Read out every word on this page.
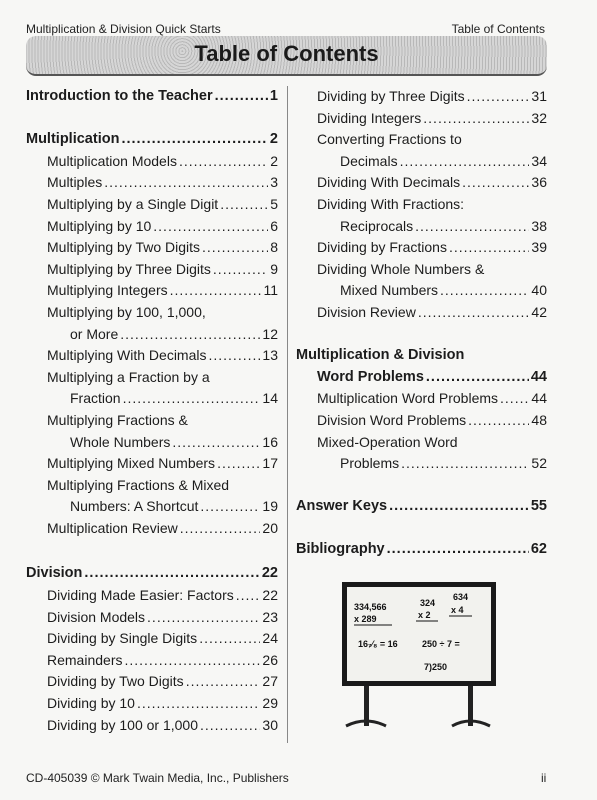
Multiplication & Division Quick Starts	Table of Contents
Table of Contents
Introduction to the Teacher .....	1
Multiplication .....	2
Multiplication Models .....	2
Multiples .....	3
Multiplying by a Single Digit .....	5
Multiplying by 10 .....	6
Multiplying by Two Digits .....	8
Multiplying by Three Digits .....	9
Multiplying Integers .....	11
Multiplying by 100, 1,000,
or More .....	12
Multiplying With Decimals .....	13
Multiplying a Fraction by a
Fraction .....	14
Multiplying Fractions &
Whole Numbers .....	16
Multiplying Mixed Numbers .....	17
Multiplying Fractions & Mixed
Numbers: A Shortcut .....	19
Multiplication Review .....	20
Division .....	22
Dividing Made Easier: Factors ..... 22
Division Models .....	23
Dividing by Single Digits .....	24
Remainders .....	26
Dividing by Two Digits .....	27
Dividing by 10 .....	29
Dividing by 100 or 1,000 .....	30
Dividing by Three Digits .....	31
Dividing Integers .....	32
Converting Fractions to
Decimals .....	34
Dividing With Decimals .....	36
Dividing With Fractions:
Reciprocals .....	38
Dividing by Fractions .....	39
Dividing Whole Numbers &
Mixed Numbers .....	40
Division Review .....	42
Multiplication & Division
Word Problems .....	44
Multiplication Word Problems ..... 44
Division Word Problems .....	48
Mixed-Operation Word
Problems .....	52
Answer Keys .....	55
Bibliography .....	62
334,566
x 289
324
x 2
634
x 4
16₇⁄₈ = 16	250 ÷ 7 =
7)250
CD-405039 © Mark Twain Media, Inc., Publishers	ii
